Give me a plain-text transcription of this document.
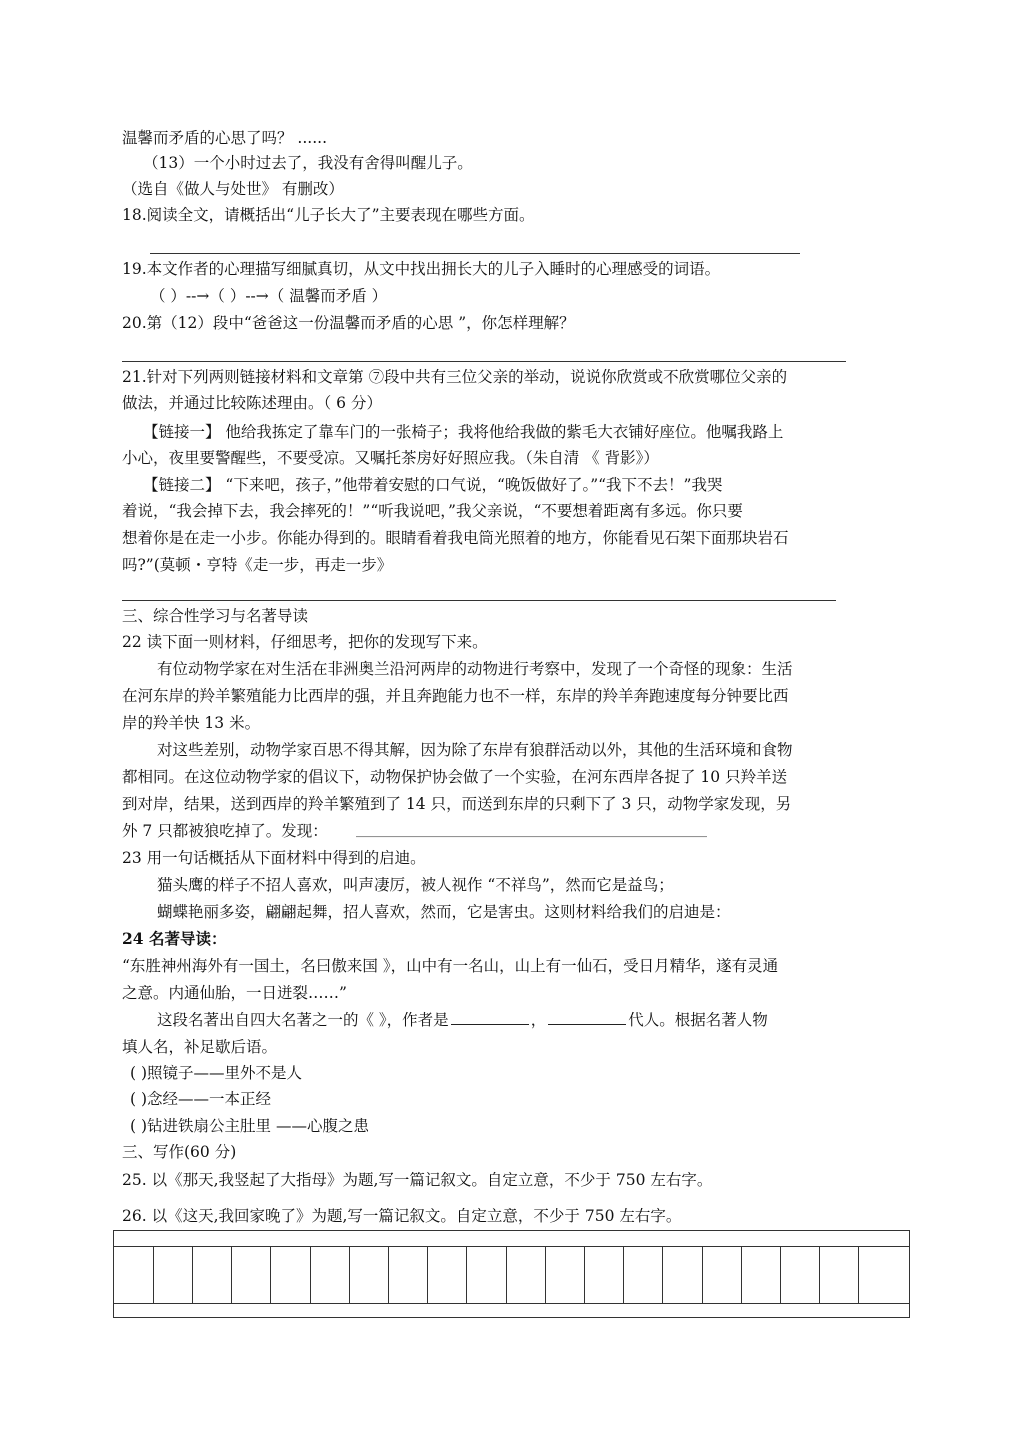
温馨而矛盾的心思了吗？ ......
（13）一个小时过去了，我没有舍得叫醒儿子。
（选自《做人与处世》 有删改）
18.阅读全文，请概括出“儿子长大了”主要表现在哪些方面。
19.本文作者的心理描写细腻真切，从文中找出拥长大的儿子入睡时的心理感受的词语。
（ ）--→（ ）--→（ 温馨而矛盾 ）
20.第（12）段中“爸爸这一份温馨而矛盾的心思 ”，你怎样理解？
21.针对下列两则链接材料和文章第 ⑦段中共有三位父亲的举动，说说你欣赏或不欣赏哪位父亲的
做法，并通过比较陈述理由。（ 6 分）
【链接一】 他给我拣定了靠车门的一张椅子；我将他给我做的紫毛大衣铺好座位。他嘱我路上
小心，夜里要警醒些，不要受凉。又嘱托茶房好好照应我。（朱自清 《 背影》）
【链接二】 “下来吧，孩子，”他带着安慰的口气说，“晚饭做好了。”“我下不去！”我哭
着说，“我会掉下去，我会摔死的！”“听我说吧，”我父亲说，“不要想着距离有多远。你只要
想着你是在走一小步。你能办得到的。眼睛看着我电筒光照着的地方，你能看见石架下面那块岩石
吗?”(莫顿・亨特《走一步，再走一步》
三、综合性学习与名著导读
22 读下面一则材料，仔细思考，把你的发现写下来。
有位动物学家在对生活在非洲奥兰沿河两岸的动物进行考察中，发现了一个奇怪的现象：生活
在河东岸的羚羊繁殖能力比西岸的强，并且奔跑能力也不一样，东岸的羚羊奔跑速度每分钟要比西
岸的羚羊快 13 米。
对这些差别，动物学家百思不得其解，因为除了东岸有狼群活动以外，其他的生活环境和食物
都相同。在这位动物学家的倡议下，动物保护协会做了一个实验，在河东西岸各捉了 10 只羚羊送
到对岸，结果，送到西岸的羚羊繁殖到了 14 只，而送到东岸的只剩下了 3 只，动物学家发现，另
外 7 只都被狼吃掉了。发现： ______________________________________________________
23 用一句话概括从下面材料中得到的启迪。
猫头鹰的样子不招人喜欢，叫声凄厉，被人视作 “不祥鸟”，然而它是益鸟；
蝴蝶艳丽多姿，翩翩起舞，招人喜欢，然而，它是害虫。这则材料给我们的启迪是：
24 名著导读：
“东胜神州海外有一国土，名曰傲来国 》，山中有一名山，山上有一仙石，受日月精华，遂有灵通
之意。内通仙胎，一日迸裂……”
这段名著出自四大名著之一的《 》，作者是	，	代人。根据名著人物
填人名，补足歇后语。
( )照镜子——里外不是人
( )念经——一本正经
( )钻进铁扇公主肚里 ——心腹之患
三、写作(60 分)
25. 以《那天,我竖起了大指母》为题,写一篇记叙文。自定立意，不少于 750 左右字。
26. 以《这天,我回家晚了》为题,写一篇记叙文。自定立意，不少于 750 左右字。
